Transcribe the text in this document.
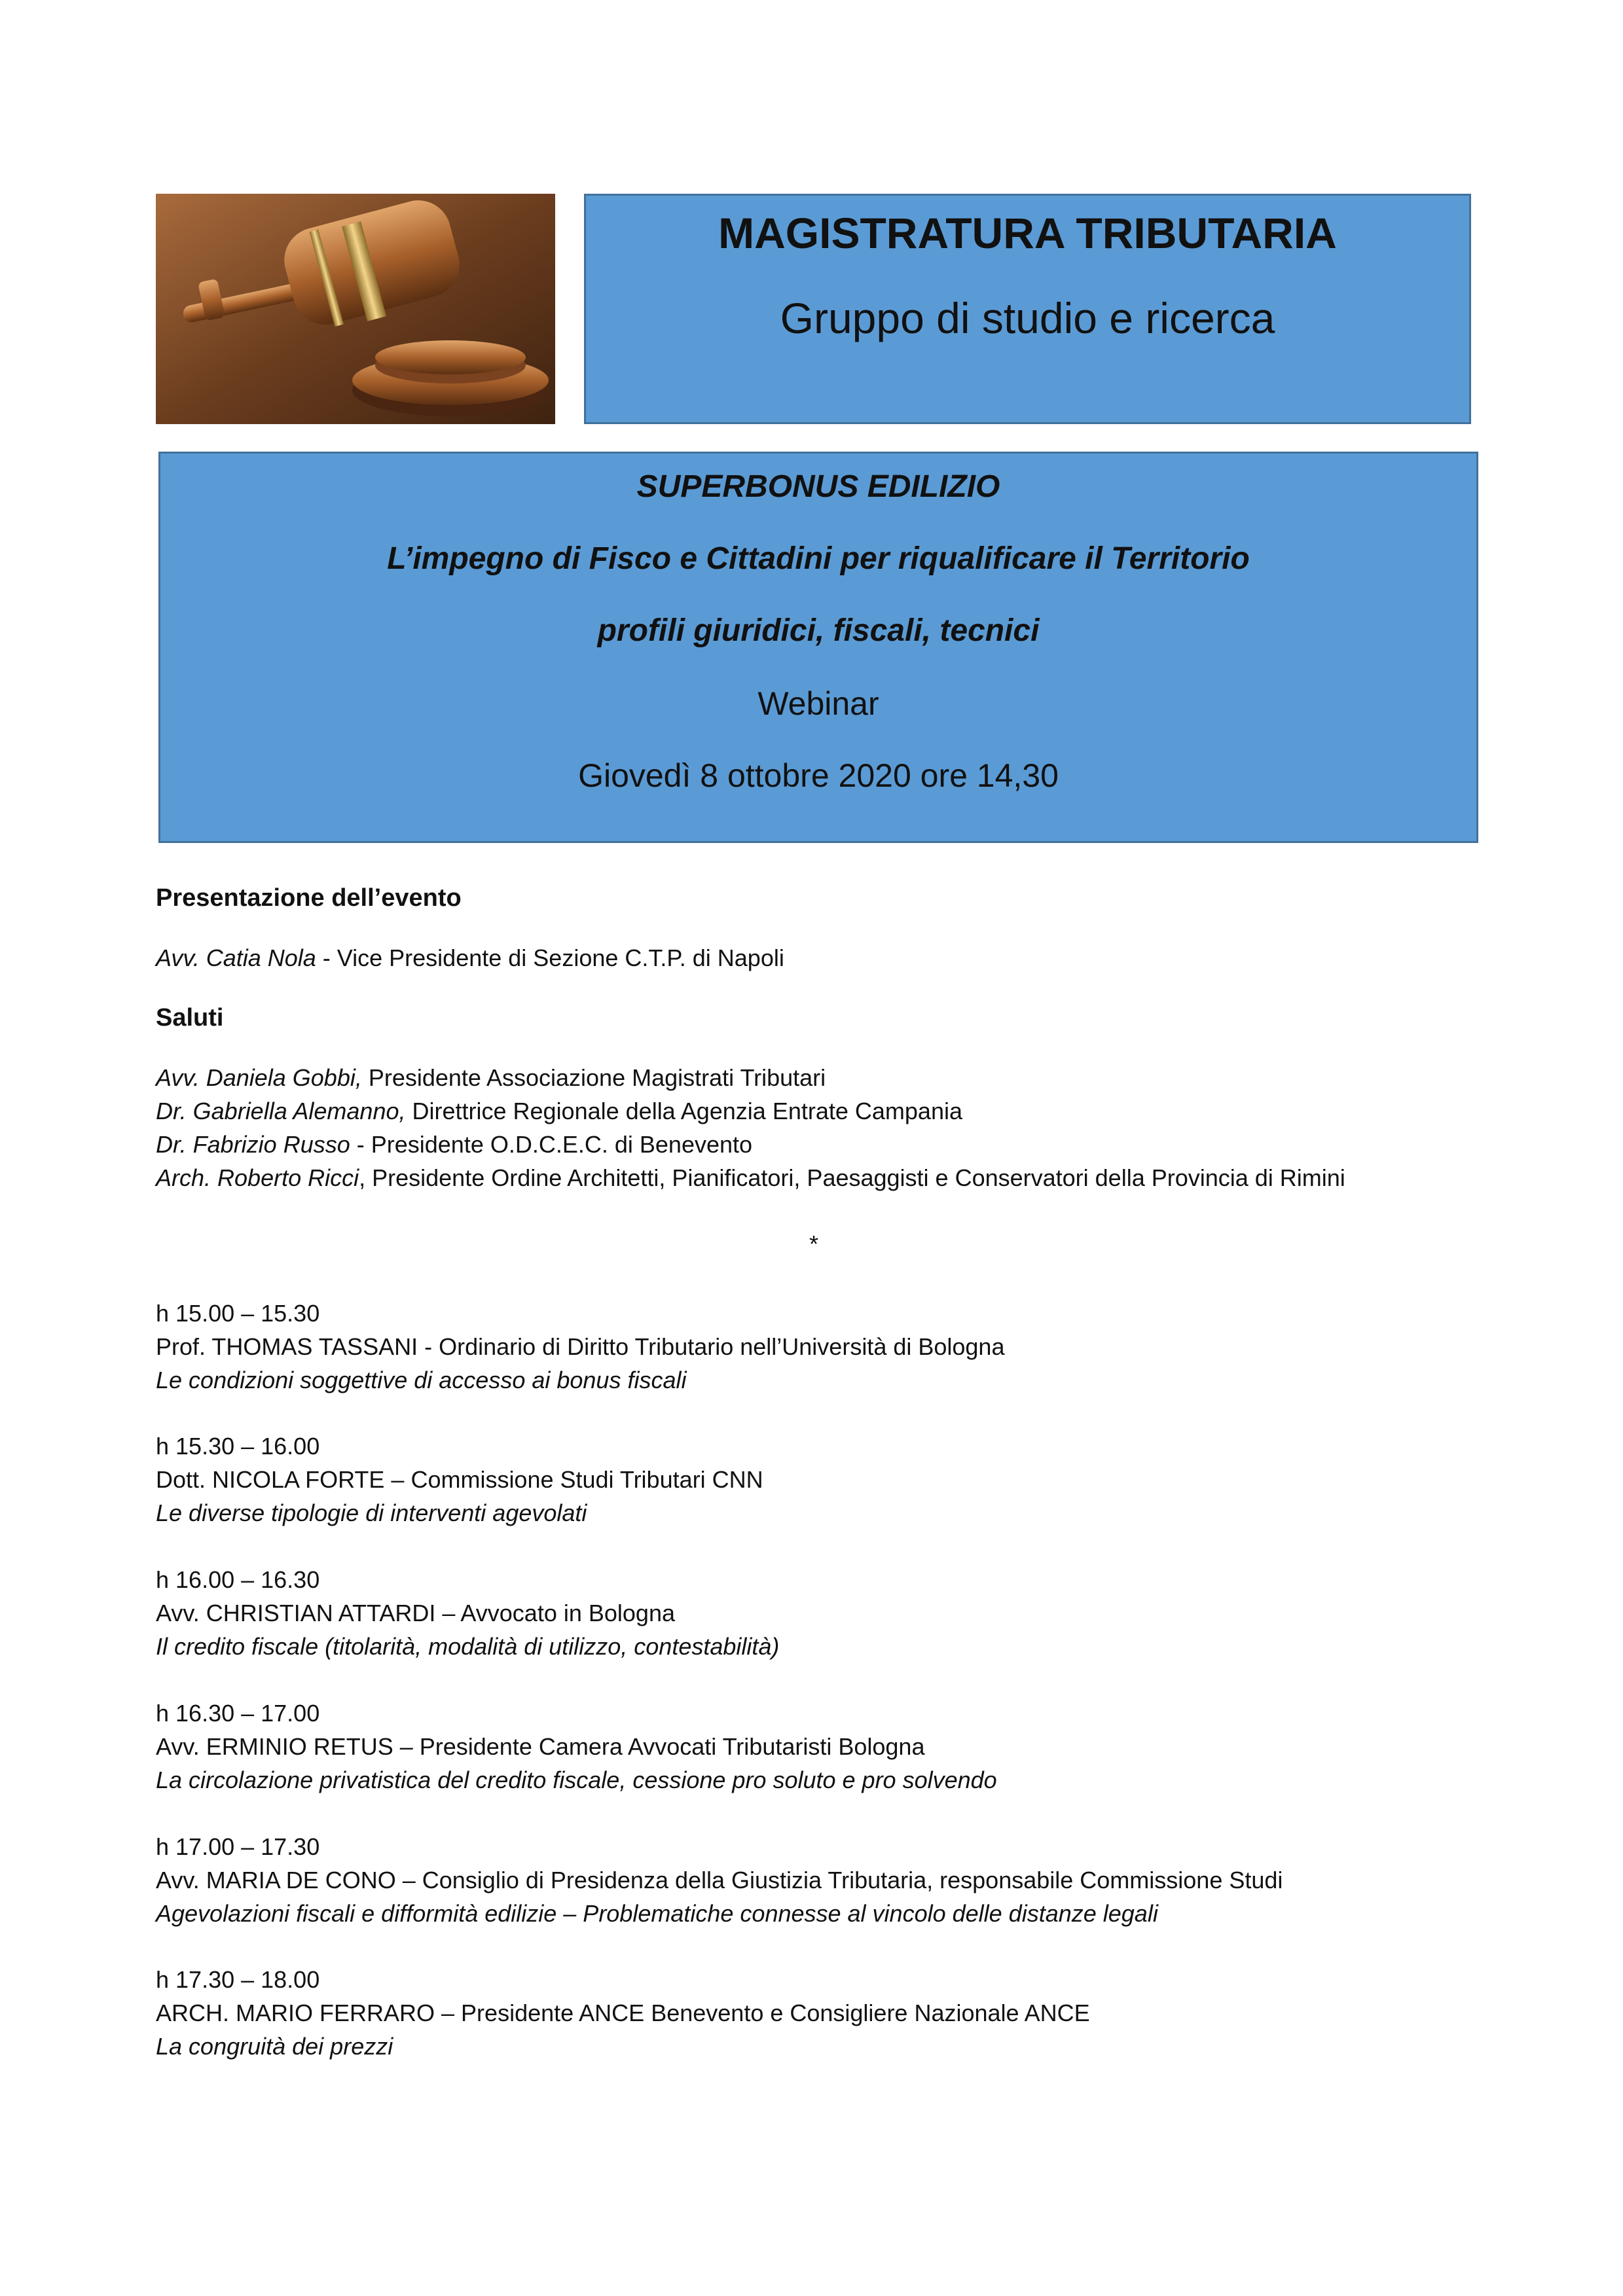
MAGISTRATURA TRIBUTARIA
Gruppo di studio e ricerca
SUPERBONUS EDILIZIO
L’impegno di Fisco e Cittadini per riqualificare il Territorio
profili giuridici, fiscali, tecnici
Webinar
Giovedì 8 ottobre 2020 ore 14,30
Presentazione dell’evento
Avv. Catia Nola - Vice Presidente di Sezione C.T.P. di Napoli
Saluti
Avv. Daniela Gobbi, Presidente Associazione Magistrati Tributari
Dr. Gabriella Alemanno, Direttrice Regionale della Agenzia Entrate Campania
Dr. Fabrizio Russo - Presidente O.D.C.E.C. di Benevento
Arch. Roberto Ricci, Presidente Ordine Architetti, Pianificatori, Paesaggisti e Conservatori della Provincia di Rimini
*
h 15.00 – 15.30
Prof. THOMAS TASSANI - Ordinario di Diritto Tributario nell’Università di Bologna
Le condizioni soggettive di accesso ai bonus fiscali
h 15.30 – 16.00
Dott. NICOLA FORTE – Commissione Studi Tributari CNN
Le diverse tipologie di interventi agevolati
h 16.00 – 16.30
Avv. CHRISTIAN ATTARDI – Avvocato in Bologna
Il credito fiscale (titolarità, modalità di utilizzo, contestabilità)
h 16.30 – 17.00
Avv. ERMINIO RETUS – Presidente Camera Avvocati Tributaristi Bologna
La circolazione privatistica del credito fiscale, cessione pro soluto e pro solvendo
h 17.00 – 17.30
Avv. MARIA DE CONO – Consiglio di Presidenza della Giustizia Tributaria, responsabile Commissione Studi
Agevolazioni fiscali e difformità edilizie – Problematiche connesse al vincolo delle distanze legali
h 17.30 – 18.00
ARCH. MARIO FERRARO – Presidente ANCE Benevento e Consigliere Nazionale ANCE
La congruità dei prezzi
